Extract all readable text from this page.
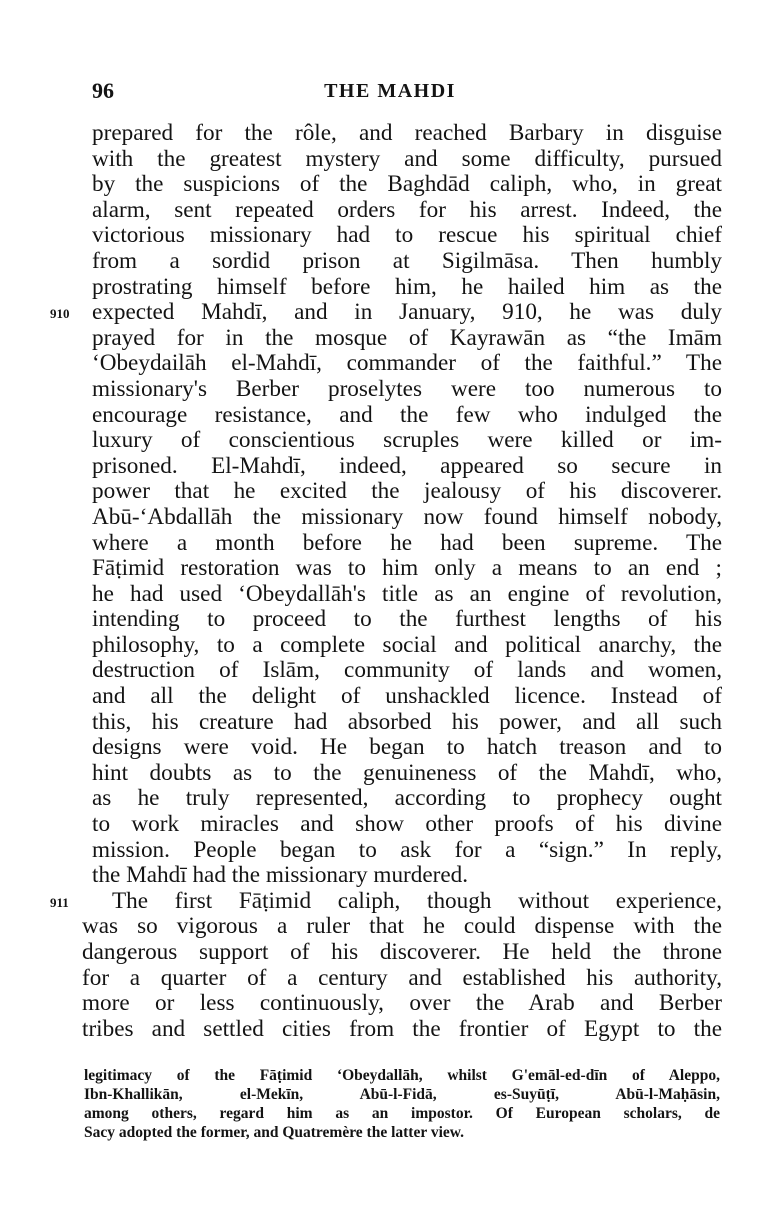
96	THE MAHDI
prepared for the rôle, and reached Barbary in disguise
with the greatest mystery and some difficulty, pursued
by the suspicions of the Baghdād caliph, who, in great
alarm, sent repeated orders for his arrest. Indeed, the
victorious missionary had to rescue his spiritual chief
from a sordid prison at Sigilmāsa. Then humbly
prostrating himself before him, he hailed him as the
910 expected Mahdī, and in January, 910, he was duly
prayed for in the mosque of Kayrawān as “the Imām
‘Obeydailāh el-Mahdī, commander of the faithful.” The
missionary's Berber proselytes were too numerous to
encourage resistance, and the few who indulged the
luxury of conscientious scruples were killed or im-
prisoned. El-Mahdī, indeed, appeared so secure in
power that he excited the jealousy of his discoverer.
Abū-‘Abdallāh the missionary now found himself nobody,
where a month before he had been supreme. The
Fāṭimid restoration was to him only a means to an end ;
he had used ‘Obeydallāh's title as an engine of revolution,
intending to proceed to the furthest lengths of his
philosophy, to a complete social and political anarchy, the
destruction of Islām, community of lands and women,
and all the delight of unshackled licence. Instead of
this, his creature had absorbed his power, and all such
designs were void. He began to hatch treason and to
hint doubts as to the genuineness of the Mahdī, who,
as he truly represented, according to prophecy ought
to work miracles and show other proofs of his divine
mission. People began to ask for a “sign.” In reply,
the Mahdī had the missionary murdered.
911 The first Fāṭimid caliph, though without experience,
was so vigorous a ruler that he could dispense with the
dangerous support of his discoverer. He held the throne
for a quarter of a century and established his authority,
more or less continuously, over the Arab and Berber
tribes and settled cities from the frontier of Egypt to the
legitimacy of the Fāṭimid ‘Obeydallāh, whilst G'emāl-ed-dīn of Aleppo,
Ibn-Khallikān, el-Mekīn, Abū-l-Fidā, es-Suyūṭī, Abū-l-Maḥāsin,
among others, regard him as an impostor. Of European scholars, de
Sacy adopted the former, and Quatremère the latter view.
